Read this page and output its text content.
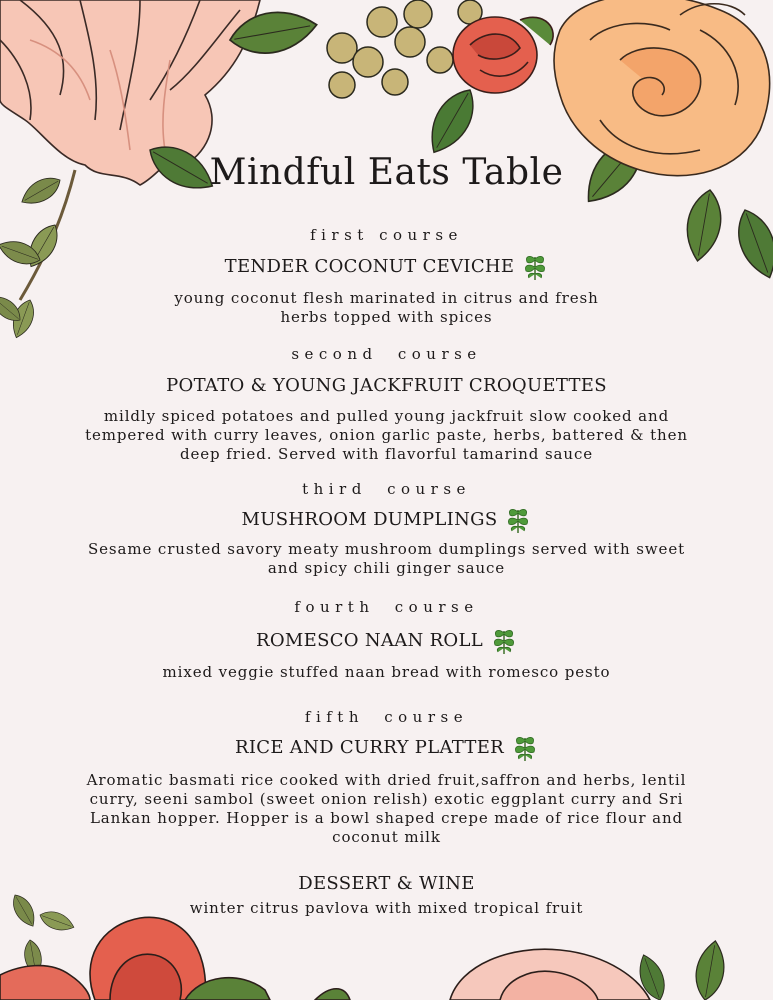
Mindful Eats Table

first course

TENDER COCONUT CEVICHE

young coconut flesh marinated in citrus and fresh herbs topped with spices

second course

POTATO & YOUNG JACKFRUIT CROQUETTES

mildly spiced potatoes and pulled young jackfruit slow cooked and tempered with curry leaves, onion garlic paste, herbs, battered & then deep fried. Served with flavorful tamarind sauce

third course

MUSHROOM DUMPLINGS

Sesame crusted savory meaty mushroom dumplings served with sweet and spicy chili ginger sauce

fourth course

ROMESCO NAAN ROLL

mixed veggie stuffed naan bread with romesco pesto

fifth course

RICE AND CURRY PLATTER

Aromatic basmati rice cooked with dried fruit,saffron and herbs, lentil curry, seeni sambol (sweet onion relish) exotic eggplant curry and Sri Lankan hopper. Hopper is a bowl shaped crepe made of rice flour and coconut milk

DESSERT & WINE

winter citrus pavlova with mixed tropical fruit
